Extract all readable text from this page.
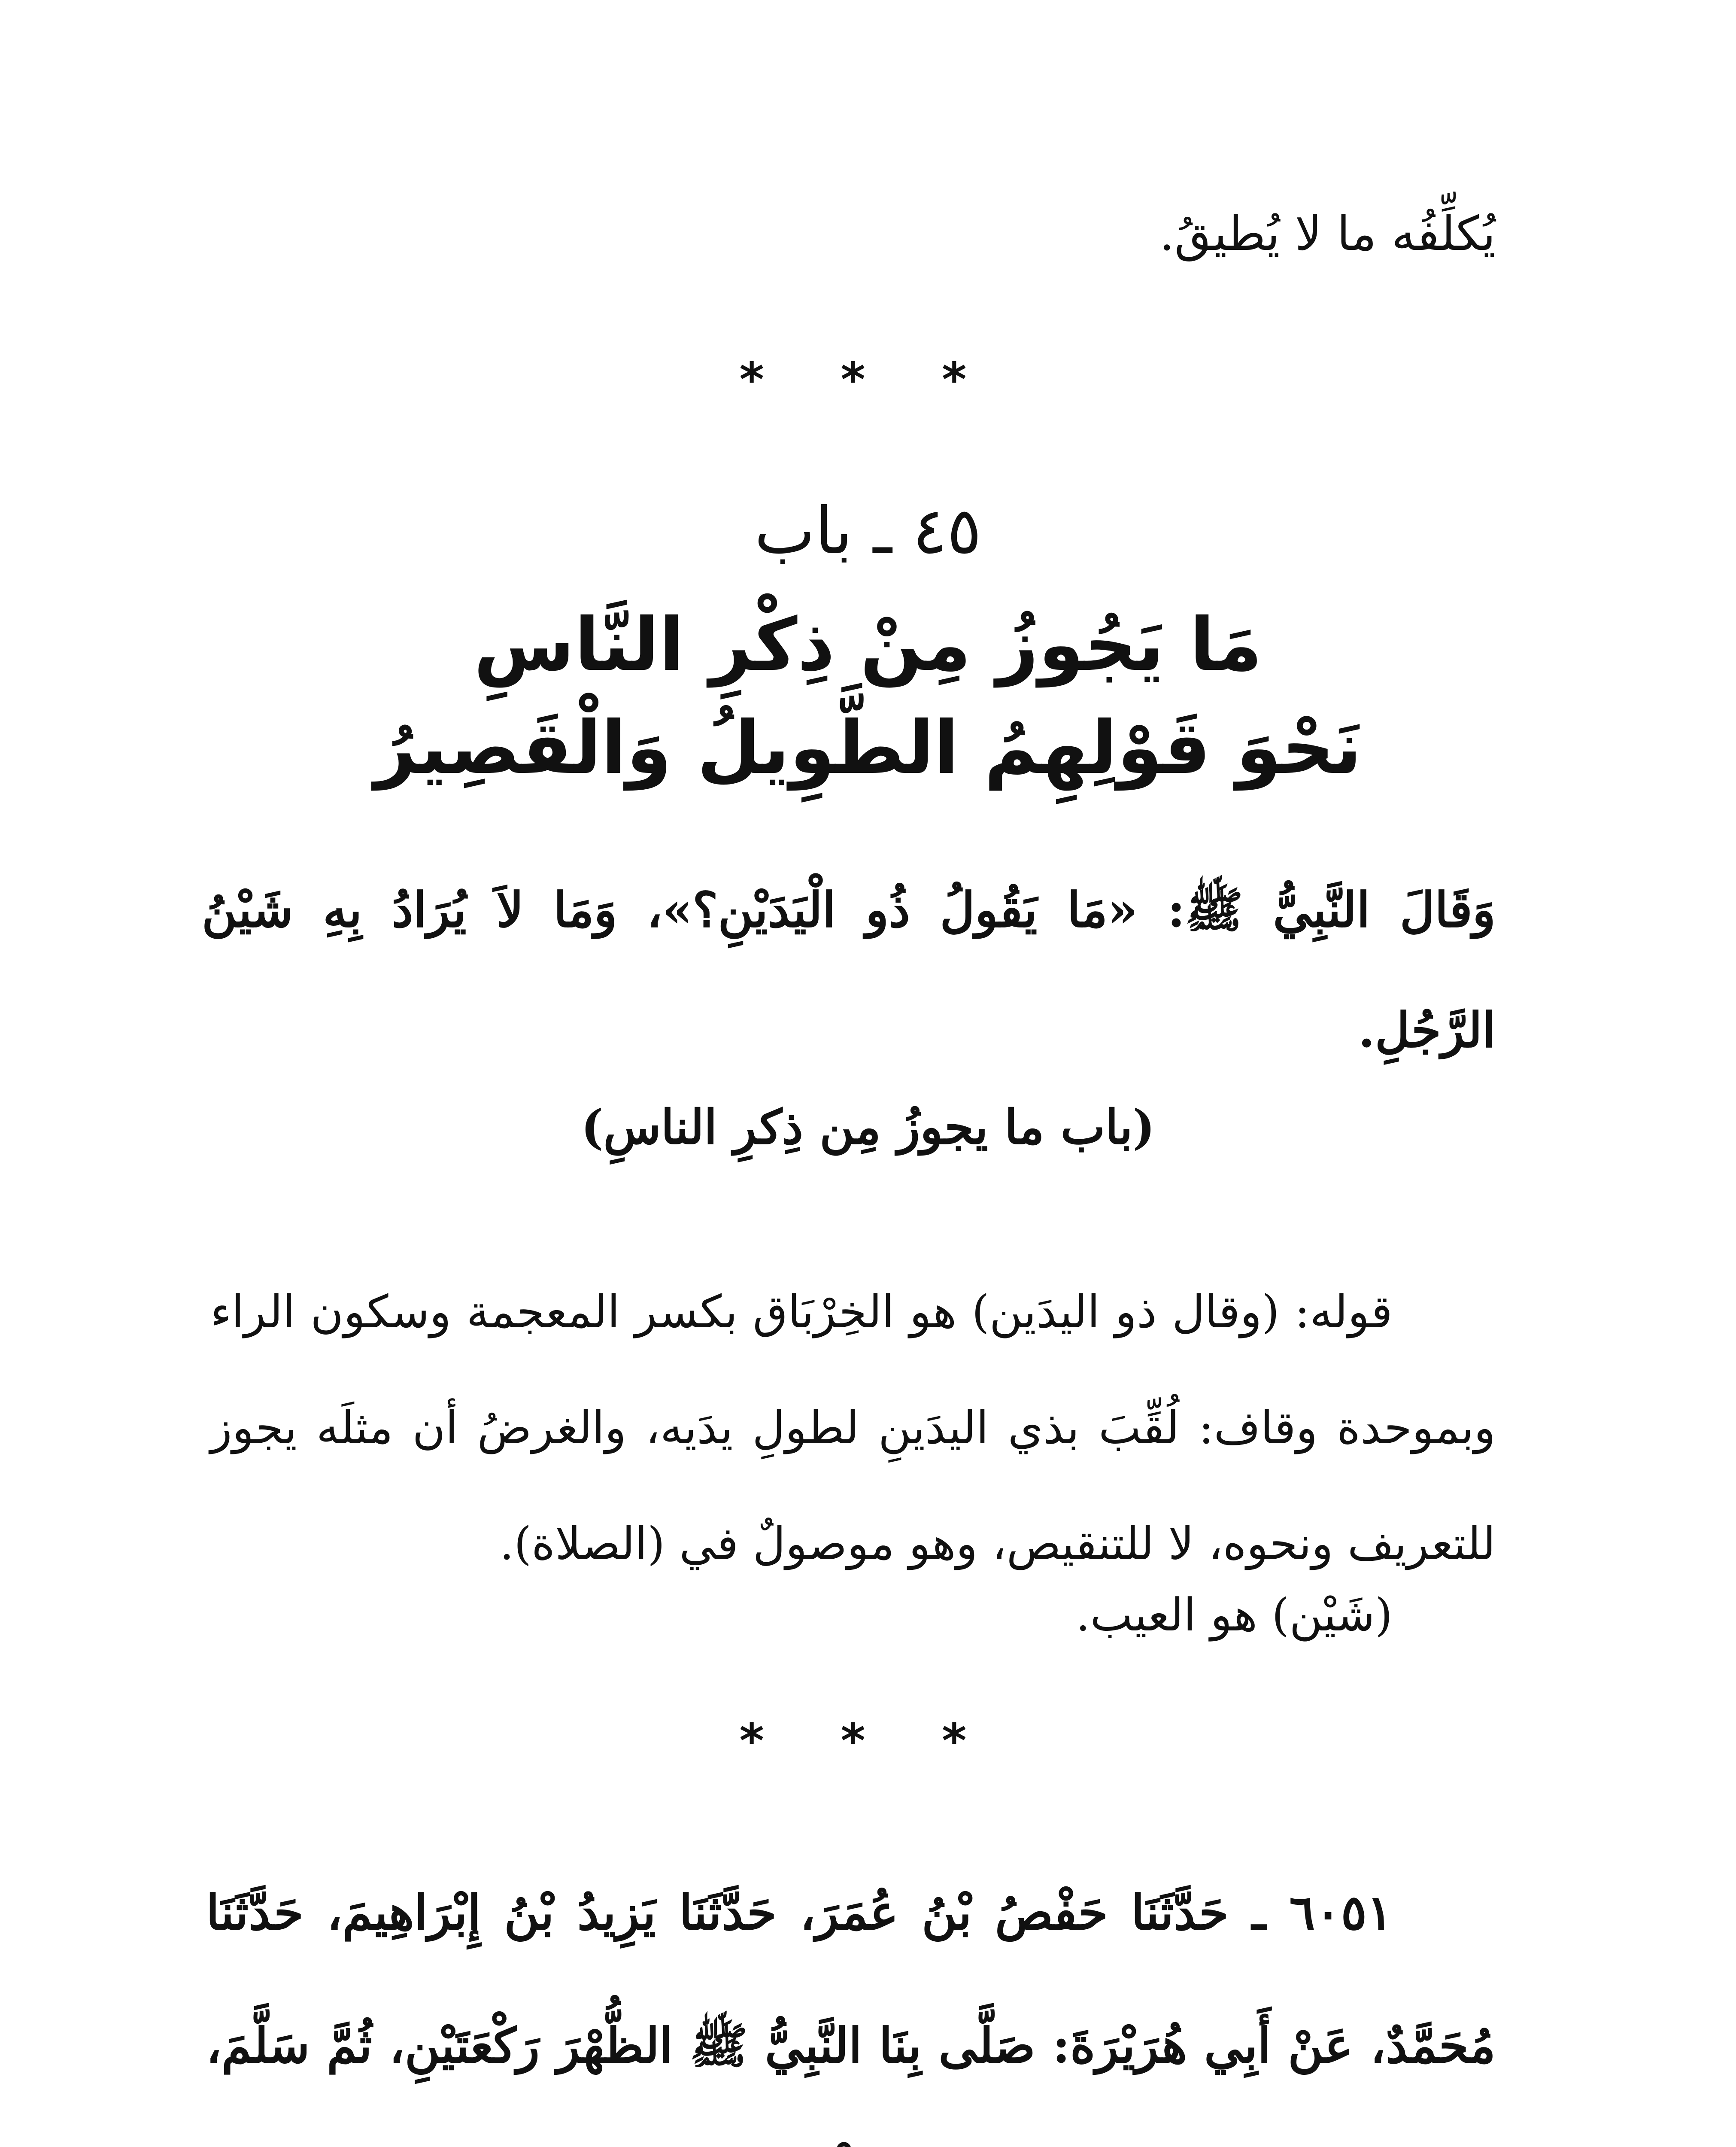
يُكلِّفُه ما لا يُطيقُ.

* * *
٤٥ ـ باب
مَا يَجُوزُ مِنْ ذِكْرِ النَّاسِ
نَحْوَ قَوْلِهِمُ الطَّوِيلُ وَالْقَصِيرُ

وَقَالَ النَّبِيُّ ﷺ: «مَا يَقُولُ ذُو الْيَدَيْنِ؟»، وَمَا لاَ يُرَادُ بِهِ شَيْنُ الرَّجُلِ.

(باب ما يجوزُ مِن ذِكرِ الناسِ)

قوله: (وقال ذو اليدَين) هو الخِرْبَاق بكسر المعجمة وسكون الراء وبموحدة وقاف: لُقِّبَ بذي اليدَينِ لطولِ يدَيه، والغرضُ أن مثلَه يجوز للتعريف ونحوه، لا للتنقيص، وهو موصولٌ في (الصلاة).

(شَيْن) هو العيب.

* * *

٦٠٥١ ـ حَدَّثَنَا حَفْصُ بْنُ عُمَرَ، حَدَّثَنَا يَزِيدُ بْنُ إِبْرَاهِيمَ، حَدَّثَنَا مُحَمَّدٌ، عَنْ أَبِي هُرَيْرَةَ: صَلَّى بِنَا النَّبِيُّ ﷺ الظُّهْرَ رَكْعَتَيْنِ، ثُمَّ سَلَّمَ،
